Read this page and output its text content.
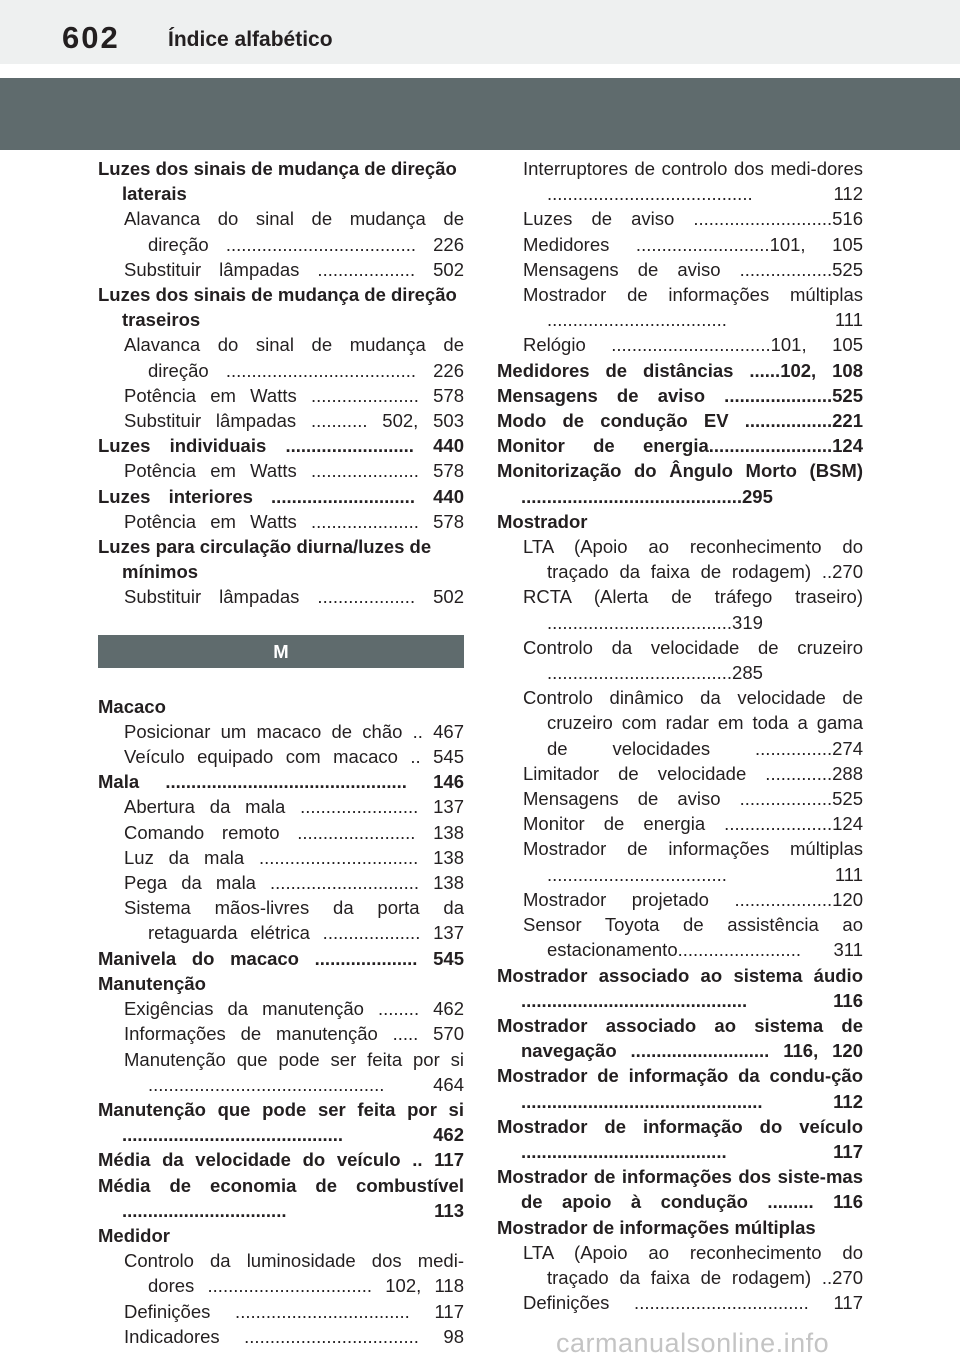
602 Índice alfabético
Luzes dos sinais de mudança de direção laterais
Alavanca do sinal de mudança de direção ..................................... 226
Substituir lâmpadas ................... 502
Luzes dos sinais de mudança de direção traseiros
Alavanca do sinal de mudança de direção ..................................... 226
Potência em Watts ..................... 578
Substituir lâmpadas ........... 502, 503
Luzes individuais ......................... 440
Potência em Watts ..................... 578
Luzes interiores ............................ 440
Potência em Watts ..................... 578
Luzes para circulação diurna/luzes de mínimos
Substituir lâmpadas ................... 502
M
Macaco
Posicionar um macaco de chão .. 467
Veículo equipado com macaco .. 545
Mala ............................................... 146
Abertura da mala ....................... 137
Comando remoto ....................... 138
Luz da mala ............................... 138
Pega da mala ............................. 138
Sistema mãos-livres da porta da retaguarda elétrica ................... 137
Manivela do macaco .................... 545
Manutenção
Exigências da manutenção ........ 462
Informações de manutenção ..... 570
Manutenção que pode ser feita por si .............................................. 464
Manutenção que pode ser feita por si ........................................... 462
Média da velocidade do veículo .. 117
Média de economia de combustível ................................ 113
Medidor
Controlo da luminosidade dos medi-dores ................................ 102, 118
Definições .................................. 117
Indicadores .................................. 98
Interruptores de controlo dos medi-dores ........................................ 112
Luzes de aviso ...........................516
Medidores ..........................101, 105
Mensagens de aviso ..................525
Mostrador de informações múltiplas ................................... 111
Relógio ...............................101, 105
Medidores de distâncias ......102, 108
Mensagens de aviso .....................525
Modo de condução EV .................221
Monitor de energia........................124
Monitorização do Ângulo Morto (BSM) ...........................................295
Mostrador
LTA (Apoio ao reconhecimento do traçado da faixa de rodagem) ..270
RCTA (Alerta de tráfego traseiro) ....................................319
Controlo da velocidade de cruzeiro ....................................285
Controlo dinâmico da velocidade de cruzeiro com radar em toda a gama de velocidades ...............274
Limitador de velocidade .............288
Mensagens de aviso ..................525
Monitor de energia .....................124
Mostrador de informações múltiplas ................................... 111
Mostrador projetado ...................120
Sensor Toyota de assistência ao estacionamento........................ 311
Mostrador associado ao sistema áudio ............................................ 116
Mostrador associado ao sistema de navegação ........................... 116, 120
Mostrador de informação da condu-ção ............................................... 112
Mostrador de informação do veículo ........................................ 117
Mostrador de informações dos siste-mas de apoio à condução ......... 116
Mostrador de informações múltiplas
LTA (Apoio ao reconhecimento do traçado da faixa de rodagem) ..270
Definições .................................. 117
carmanualsonline.info
